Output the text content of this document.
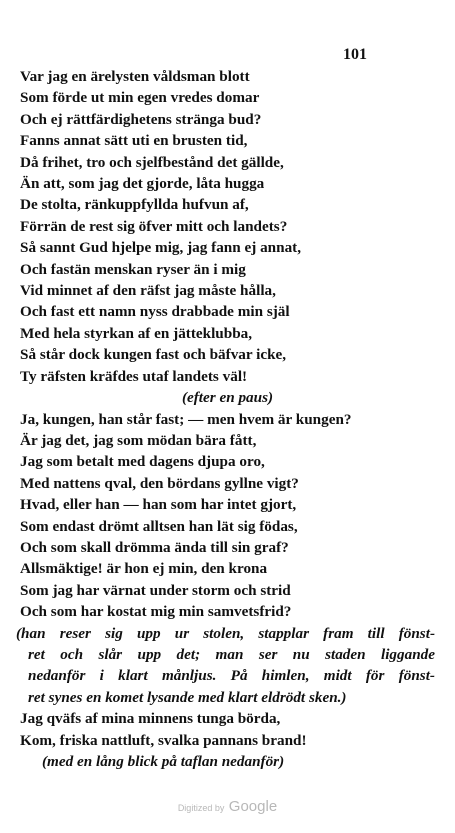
101
Var jag en ärelysten våldsman blott
Som förde ut min egen vredes domar
Och ej rättfärdighetens stränga bud?
Fanns annat sätt uti en brusten tid,
Då frihet, tro och sjelfbestånd det gällde,
Än att, som jag det gjorde, låta hugga
De stolta, ränkuppfyllda hufvun af,
Förrän de rest sig öfver mitt och landets?
Så sannt Gud hjelpe mig, jag fann ej annat,
Och fastän menskan ryser än i mig
Vid minnet af den räfst jag måste hålla,
Och fast ett namn nyss drabbade min själ
Med hela styrkan af en jätteklubba,
Så står dock kungen fast och bäfvar icke,
Ty räfsten kräfdes utaf landets väl!
(efter en paus)
Ja, kungen, han står fast; — men hvem är kungen?
Är jag det, jag som mödan bära fått,
Jag som betalt med dagens djupa oro,
Med nattens qval, den bördans gyllne vigt?
Hvad, eller han — han som har intet gjort,
Som endast drömt alltsen han lät sig födas,
Och som skall drömma ända till sin graf?
Allsmäktige! är hon ej min, den krona
Som jag har värnat under storm och strid
Och som har kostat mig min samvetsfrid?
(han reser sig upp ur stolen, stapplar fram till fönst-
ret och slår upp det; man ser nu staden liggande
nedanför i klart månljus. På himlen, midt för fönst-
ret synes en komet lysande med klart eldrödt sken.)
Jag qväfs af mina minnens tunga börda,
Kom, friska nattluft, svalka pannans brand!
(med en lång blick på taflan nedanför)
Digitized by Google
